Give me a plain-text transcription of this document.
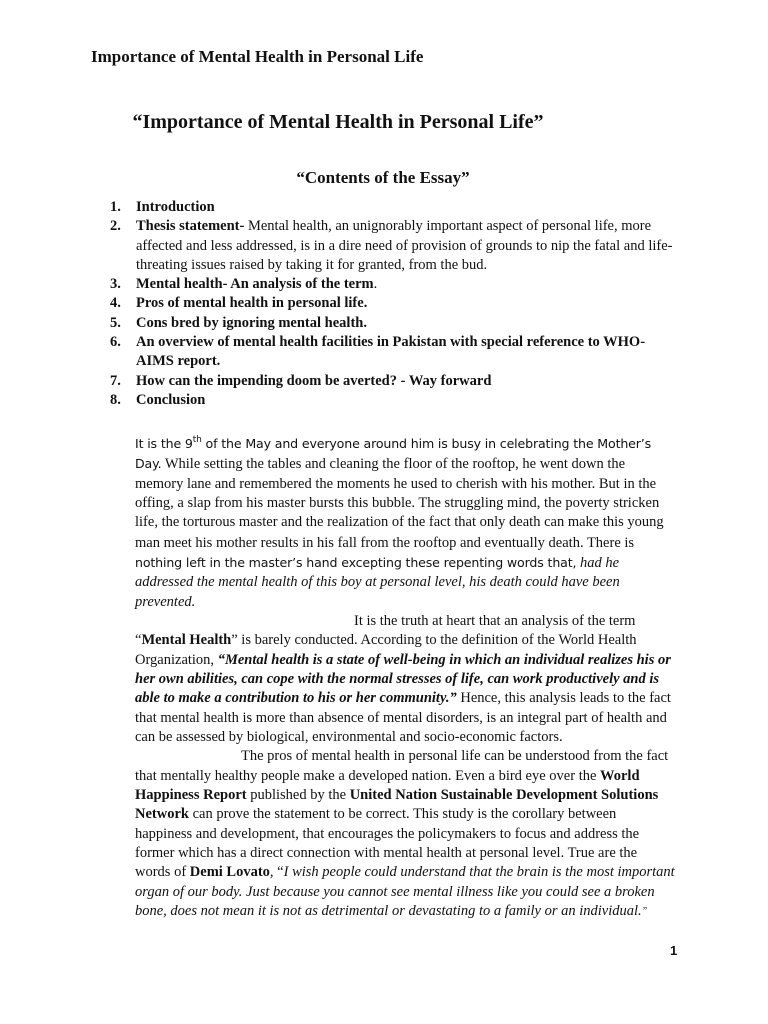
Importance of Mental Health in Personal Life
“Importance of Mental Health in Personal Life”
“Contents of the Essay”
1. Introduction
2. Thesis statement- Mental health, an unignorably important aspect of personal life, more affected and less addressed, is in a dire need of provision of grounds to nip the fatal and life-threating issues raised by taking it for granted, from the bud.
3. Mental health- An analysis of the term.
4. Pros of mental health in personal life.
5. Cons bred by ignoring mental health.
6. An overview of mental health facilities in Pakistan with special reference to WHO-AIMS report.
7. How can the impending doom be averted? - Way forward
8. Conclusion

It is the 9th of the May and everyone around him is busy in celebrating the Mother’s Day. While setting the tables and cleaning the floor of the rooftop, he went down the memory lane and remembered the moments he used to cherish with his mother. But in the offing, a slap from his master bursts this bubble. The struggling mind, the poverty stricken life, the torturous master and the realization of the fact that only death can make this young man meet his mother results in his fall from the rooftop and eventually death. There is nothing left in the master’s hand excepting these repenting words that, had he addressed the mental health of this boy at personal level, his death could have been prevented.

It is the truth at heart that an analysis of the term “Mental Health” is barely conducted. According to the definition of the World Health Organization, “Mental health is a state of well-being in which an individual realizes his or her own abilities, can cope with the normal stresses of life, can work productively and is able to make a contribution to his or her community.” Hence, this analysis leads to the fact that mental health is more than absence of mental disorders, is an integral part of health and can be assessed by biological, environmental and socio-economic factors.

The pros of mental health in personal life can be understood from the fact that mentally healthy people make a developed nation. Even a bird eye over the World Happiness Report published by the United Nation Sustainable Development Solutions Network can prove the statement to be correct. This study is the corollary between happiness and development, that encourages the policymakers to focus and address the former which has a direct connection with mental health at personal level. True are the words of Demi Lovato, “I wish people could understand that the brain is the most important organ of our body. Just because you cannot see mental illness like you could see a broken bone, does not mean it is not as detrimental or devastating to a family or an individual.”

1
